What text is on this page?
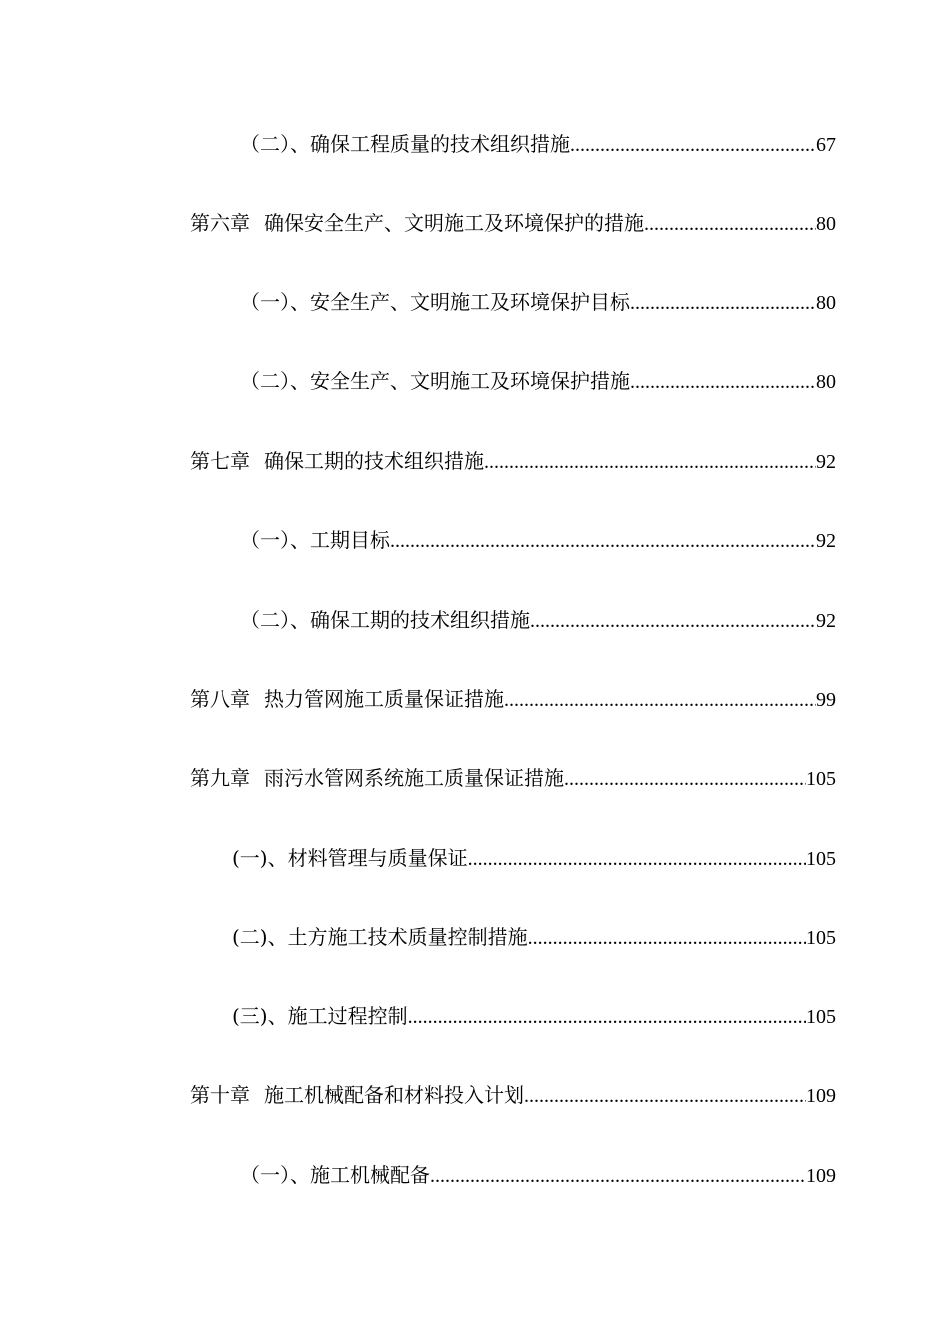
（二）、确保工程质量的技术组织措施 .....	67
第六章 确保安全生产、文明施工及环境保护的措施 .....	80
（一）、安全生产、文明施工及环境保护目标 .....	80
（二）、安全生产、文明施工及环境保护措施 .....	80
第七章 确保工期的技术组织措施 .....	92
（一）、工期目标 .....	92
（二）、确保工期的技术组织措施 .....	92
第八章 热力管网施工质量保证措施 .....	99
第九章 雨污水管网系统施工质量保证措施 .....	105
(一)、材料管理与质量保证 .....	105
(二)、土方施工技术质量控制措施 .....	105
(三)、施工过程控制 .....	105
第十章 施工机械配备和材料投入计划 .....	109
（一）、施工机械配备 .....	109
